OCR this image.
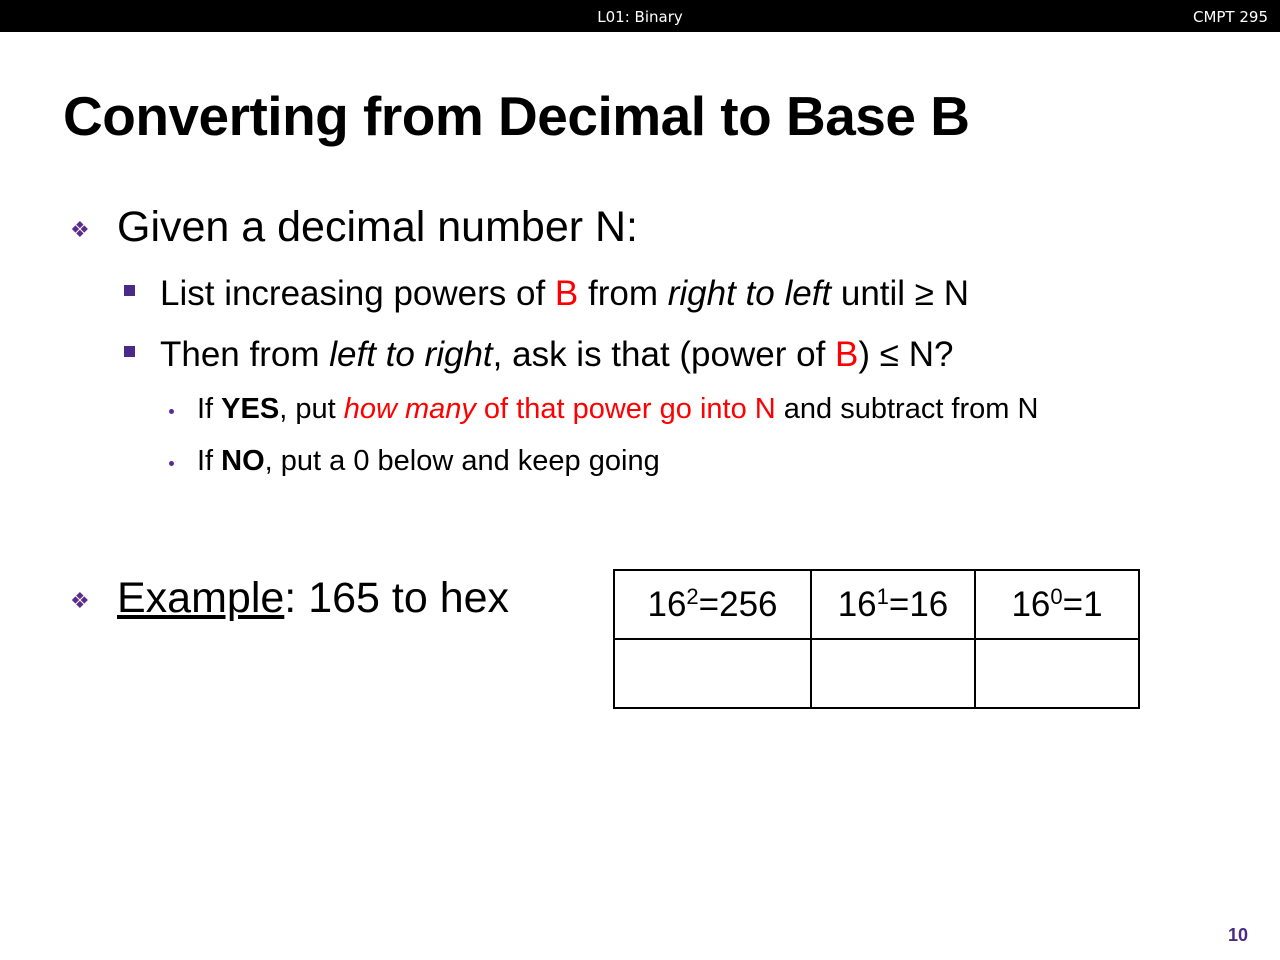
L01: Binary	CMPT 295
Converting from Decimal to Base B
❖ Given a decimal number N:
List increasing powers of B from right to left until ≥ N
Then from left to right, ask is that (power of B) ≤ N?
If YES, put how many of that power go into N and subtract from N
If NO, put a 0 below and keep going
❖ Example: 165 to hex	$16^2=256$	$16^1=16$	$16^0=1$

10
